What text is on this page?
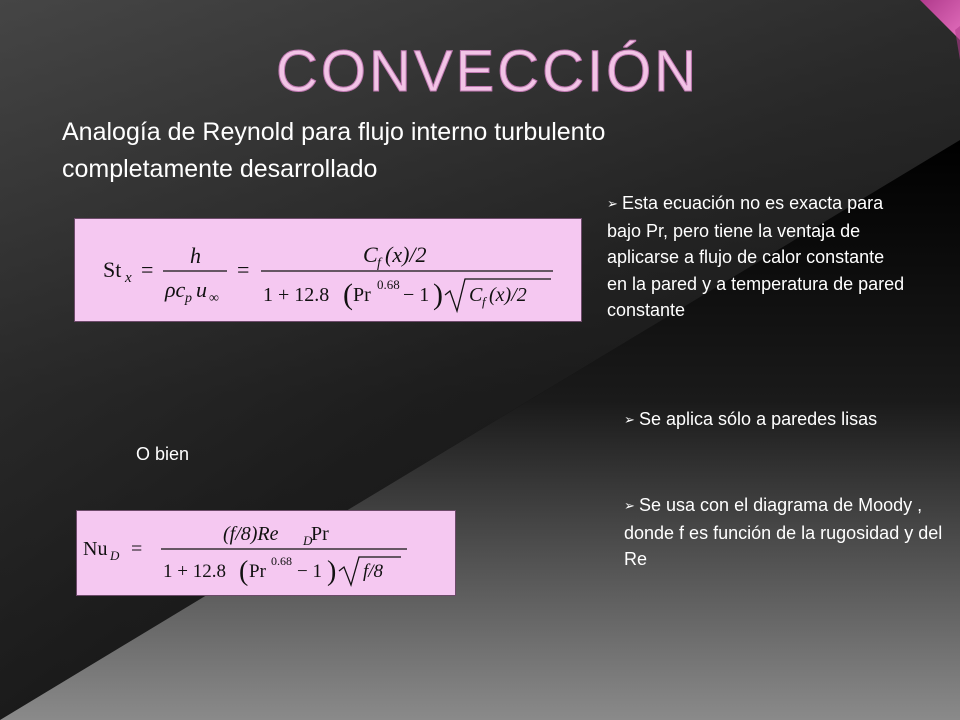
CONVECCIÓN
Analogía de Reynold para flujo interno turbulento completamente desarrollado
St x =
h
ρc p u ∞
=
C f (x)/2
1 + 12.8 ( Pr 0.68 − 1 ) C f (x)/2
O bien
Nu D =
(f/8)Re D
Pr
1 + 12.8 ( Pr 0.68 − 1 ) f/8
➢ Esta ecuación no es exacta para bajo Pr, pero tiene la ventaja de aplicarse a flujo de calor constante en la pared y a temperatura de pared constante
➢ Se aplica sólo a paredes lisas
➢ Se usa con el diagrama de Moody , donde f es función de la rugosidad y del Re
